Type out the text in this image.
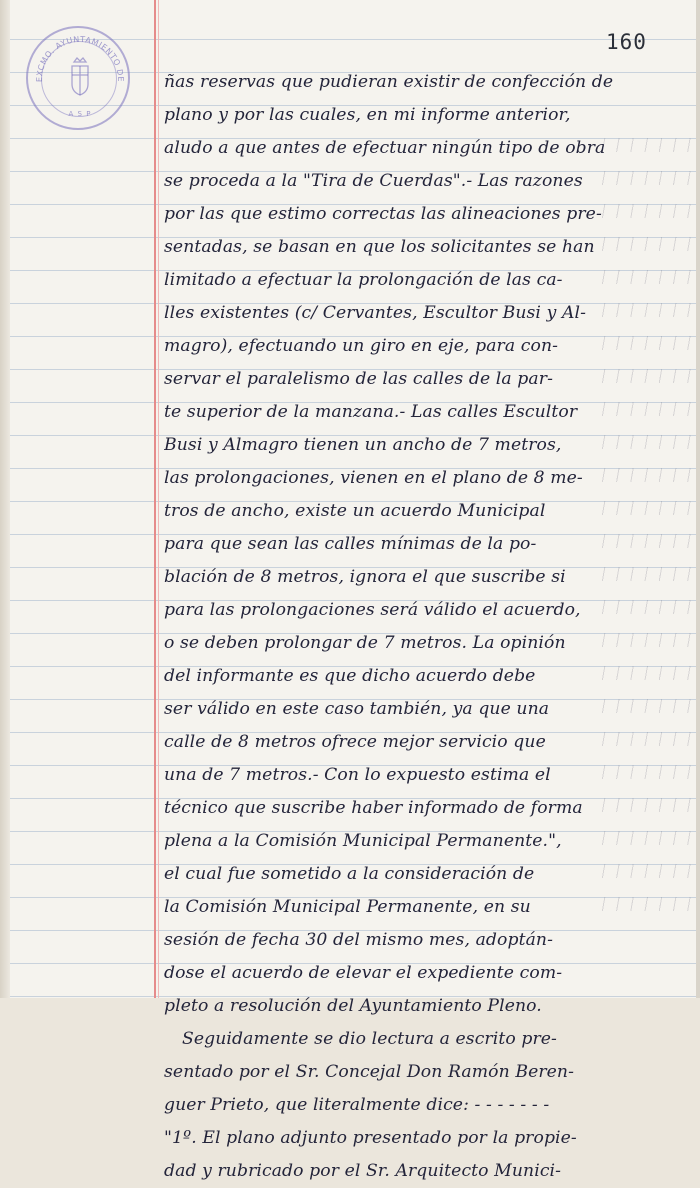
EXCMO. AYUNTAMIENTO DE
A S P
160
ñas reservas que pudieran existir de confección de
plano y por las cuales, en mi informe anterior,
aludo a que antes de efectuar ningún tipo de obra
se proceda a la "Tira de Cuerdas".- Las razones
por las que estimo correctas las alineaciones pre-
sentadas, se basan en que los solicitantes se han
limitado a efectuar la prolongación de las ca-
lles existentes (c/ Cervantes, Escultor Busi y Al-
magro), efectuando un giro en eje, para con-
servar el paralelismo de las calles de la par-
te superior de la manzana.- Las calles Escultor
Busi y Almagro tienen un ancho de 7 metros,
las prolongaciones, vienen en el plano de 8 me-
tros de ancho, existe un acuerdo Municipal
para que sean las calles mínimas de la po-
blación de 8 metros, ignora el que suscribe si
para las prolongaciones será válido el acuerdo,
o se deben prolongar de 7 metros. La opinión
del informante es que dicho acuerdo debe
ser válido en este caso también, ya que una
calle de 8 metros ofrece mejor servicio que
una de 7 metros.- Con lo expuesto estima el
técnico que suscribe haber informado de forma
plena a la Comisión Municipal Permanente.",
el cual fue sometido a la consideración de
la Comisión Municipal Permanente, en su
sesión de fecha 30 del mismo mes, adoptán-
dose el acuerdo de elevar el expediente com-
pleto a resolución del Ayuntamiento Pleno.
Seguidamente se dio lectura a escrito pre-
sentado por el Sr. Concejal Don Ramón Beren-
guer Prieto, que literalmente dice: - - - - - - -
"1º. El plano adjunto presentado por la propie-
dad y rubricado por el Sr. Arquitecto Munici-
